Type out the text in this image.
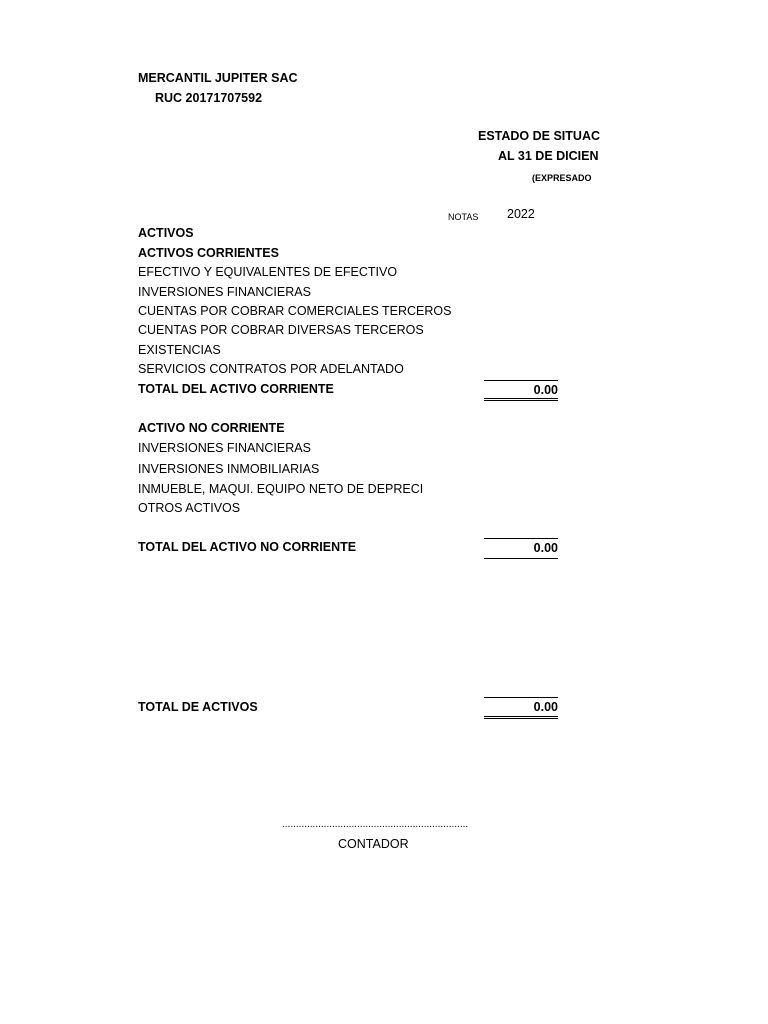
MERCANTIL JUPITER SAC
RUC 20171707592
ESTADO DE SITUAC
AL 31 DE DICIEN
(EXPRESADO
NOTAS 2022
ACTIVOS
ACTIVOS CORRIENTES
EFECTIVO Y EQUIVALENTES DE EFECTIVO
INVERSIONES FINANCIERAS
CUENTAS POR COBRAR COMERCIALES TERCEROS
CUENTAS POR COBRAR DIVERSAS TERCEROS
EXISTENCIAS
SERVICIOS CONTRATOS POR ADELANTADO
TOTAL DEL ACTIVO CORRIENTE	0.00
ACTIVO NO CORRIENTE
INVERSIONES FINANCIERAS
INVERSIONES INMOBILIARIAS
INMUEBLE, MAQUI. EQUIPO NETO DE DEPRECI
OTROS ACTIVOS
TOTAL DEL ACTIVO NO CORRIENTE	0.00
TOTAL DE ACTIVOS	0.00
...................................................................
CONTADOR
